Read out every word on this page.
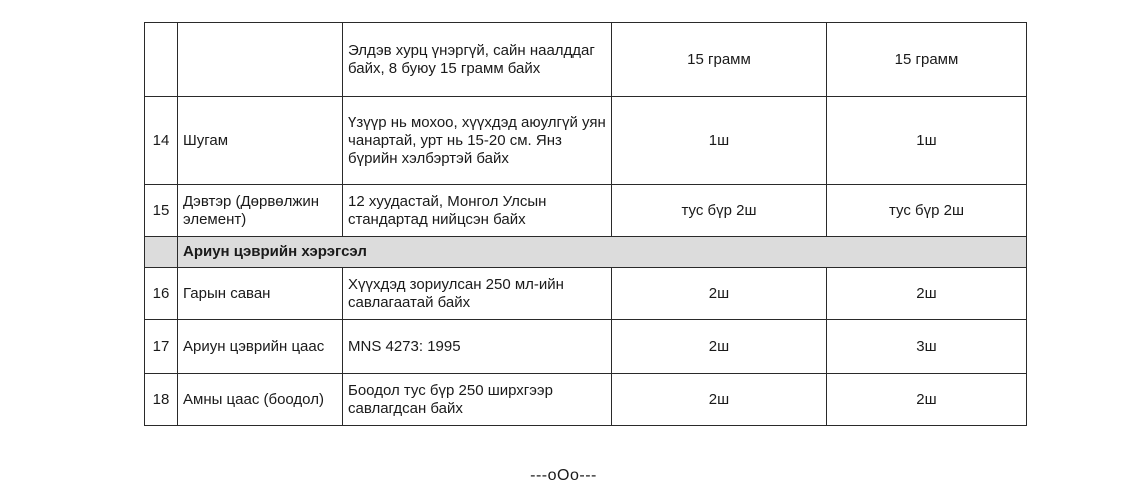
		Элдэв хурц үнэргүй, сайн наалддаг байх, 8 буюу 15 грамм байх	15 грамм	15 грамм
14	Шугам	Үзүүр нь мохоо, хүүхдэд аюулгүй уян чанартай, урт нь 15-20 см. Янз бүрийн хэлбэртэй байх	1ш	1ш
15	Дэвтэр (Дөрвөлжин элемент)	12 хуудастай, Монгол Улсын стандартад нийцсэн байх	тус бүр 2ш	тус бүр 2ш
	Ариун цэврийн хэрэгсэл			
16	Гарын саван	Хүүхдэд зориулсан 250 мл-ийн савлагаатай байх	2ш	2ш
17	Ариун цэврийн цаас	MNS 4273: 1995	2ш	3ш
18	Амны цаас (боодол)	Боодол тус бүр 250 ширхгээр савлагдсан байх	2ш	2ш
---oOo---
